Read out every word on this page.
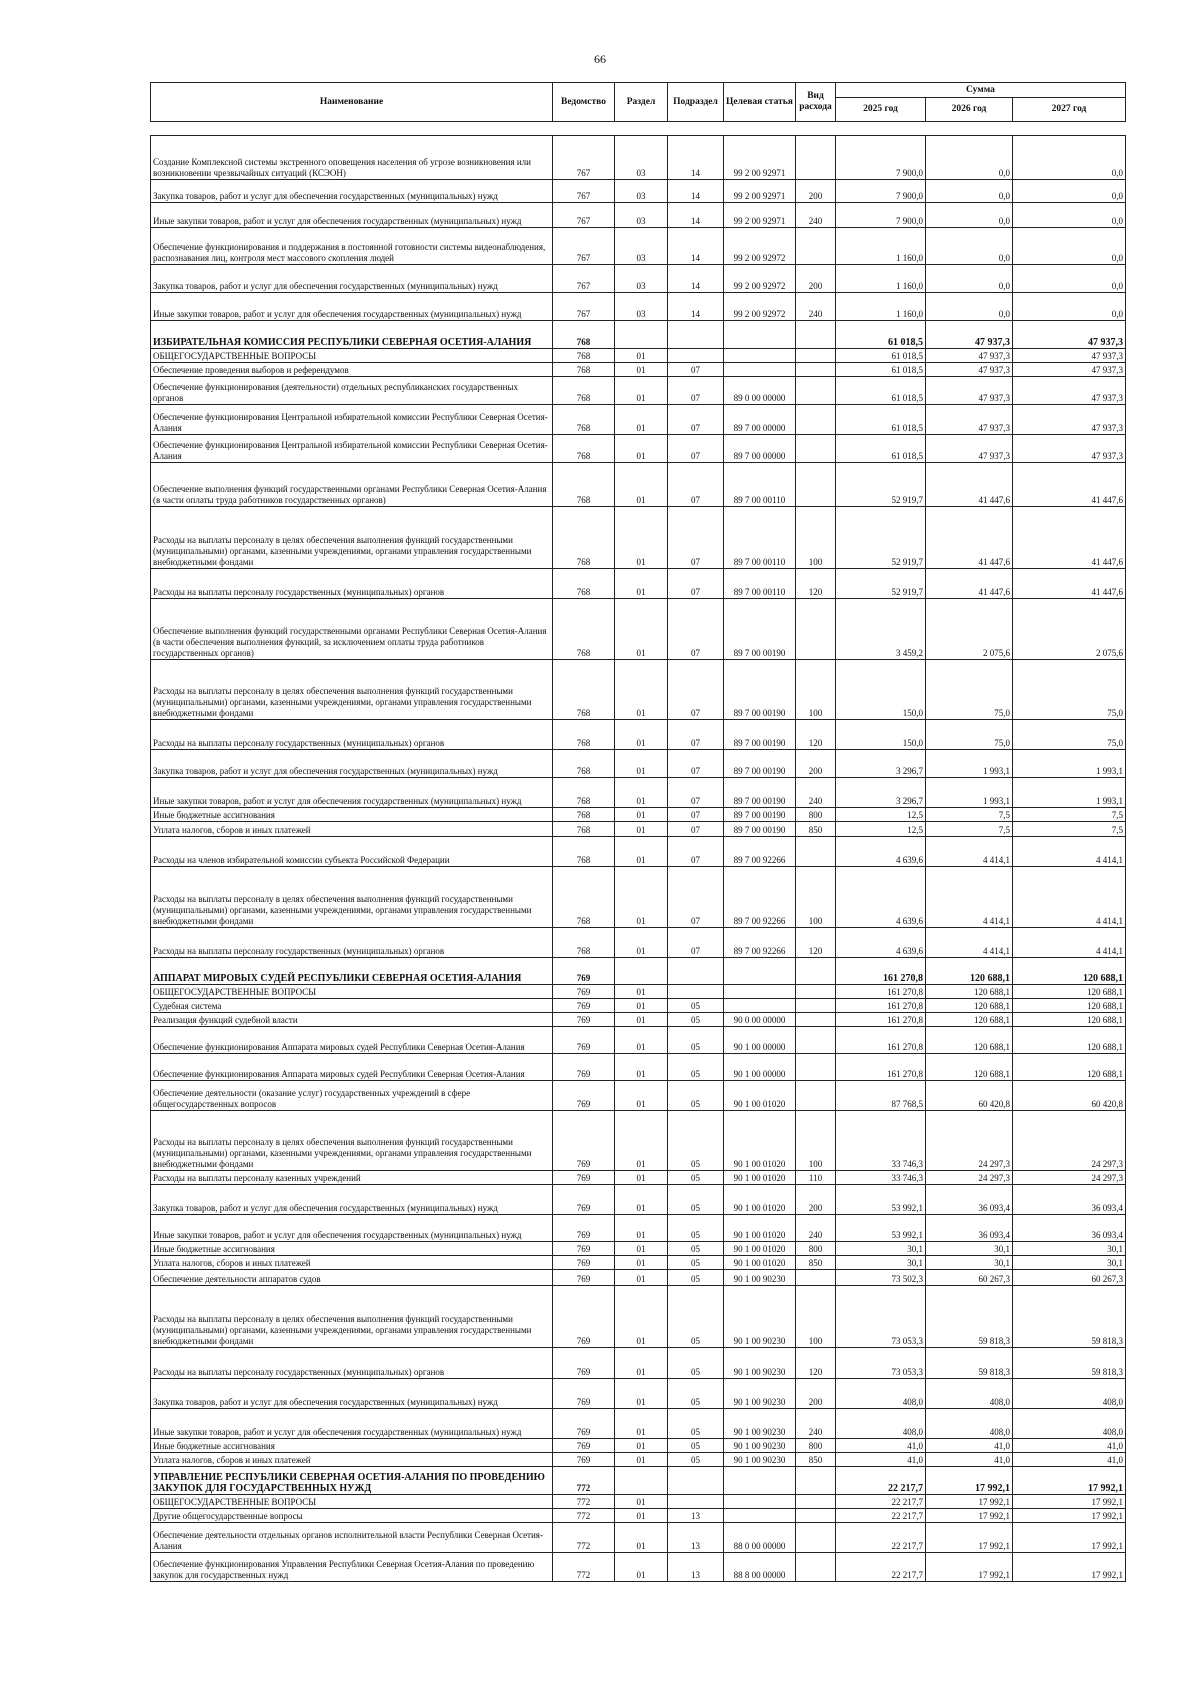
66
Наименование	Ведомство	Раздел	Подраздел	Целевая статья	Вид расхода	Сумма		
						2025 год	2026 год	2027 год

Создание Комплексной системы экстренного оповещения населения об угрозе возникновения или возникновении чрезвычайных ситуаций (КСЭОН)	767	03	14	99 2 00 92971		7 900,0	0,0	0,0
Закупка товаров, работ и услуг для обеспечения государственных (муниципальных) нужд	767	03	14	99 2 00 92971	200	7 900,0	0,0	0,0
Иные закупки товаров, работ и услуг для обеспечения государственных (муниципальных) нужд	767	03	14	99 2 00 92971	240	7 900,0	0,0	0,0
Обеспечение функционирования и поддержания в постоянной готовности системы видеонаблюдения, распознавания лиц, контроля мест массового скопления людей	767	03	14	99 2 00 92972		1 160,0	0,0	0,0
Закупка товаров, работ и услуг для обеспечения государственных (муниципальных) нужд	767	03	14	99 2 00 92972	200	1 160,0	0,0	0,0
Иные закупки товаров, работ и услуг для обеспечения государственных (муниципальных) нужд	767	03	14	99 2 00 92972	240	1 160,0	0,0	0,0
ИЗБИРАТЕЛЬНАЯ КОМИССИЯ РЕСПУБЛИКИ СЕВЕРНАЯ ОСЕТИЯ-АЛАНИЯ	768					61 018,5	47 937,3	47 937,3
ОБЩЕГОСУДАРСТВЕННЫЕ ВОПРОСЫ	768	01				61 018,5	47 937,3	47 937,3
Обеспечение проведения выборов и референдумов	768	01	07			61 018,5	47 937,3	47 937,3
Обеспечение функционирования (деятельности) отдельных республиканских государственных органов	768	01	07	89 0 00 00000		61 018,5	47 937,3	47 937,3
Обеспечение функционирования Центральной избирательной комиссии Республики Северная Осетия-Алания	768	01	07	89 7 00 00000		61 018,5	47 937,3	47 937,3
Обеспечение функционирования Центральной избирательной комиссии Республики Северная Осетия-Алания	768	01	07	89 7 00 00000		61 018,5	47 937,3	47 937,3
Обеспечение выполнения функций государственными органами Республики Северная Осетия-Алания (в части оплаты труда работников государственных органов)	768	01	07	89 7 00 00110		52 919,7	41 447,6	41 447,6
Расходы на выплаты персоналу в целях обеспечения выполнения функций государственными (муниципальными) органами, казенными учреждениями, органами управления государственными внебюджетными фондами	768	01	07	89 7 00 00110	100	52 919,7	41 447,6	41 447,6
Расходы на выплаты персоналу государственных (муниципальных) органов	768	01	07	89 7 00 00110	120	52 919,7	41 447,6	41 447,6
Обеспечение выполнения функций государственными органами Республики Северная Осетия-Алания (в части обеспечения выполнения функций, за исключением оплаты труда работников государственных органов)	768	01	07	89 7 00 00190		3 459,2	2 075,6	2 075,6
Расходы на выплаты персоналу в целях обеспечения выполнения функций государственными (муниципальными) органами, казенными учреждениями, органами управления государственными внебюджетными фондами	768	01	07	89 7 00 00190	100	150,0	75,0	75,0
Расходы на выплаты персоналу государственных (муниципальных) органов	768	01	07	89 7 00 00190	120	150,0	75,0	75,0
Закупка товаров, работ и услуг для обеспечения государственных (муниципальных) нужд	768	01	07	89 7 00 00190	200	3 296,7	1 993,1	1 993,1
Иные закупки товаров, работ и услуг для обеспечения государственных (муниципальных) нужд	768	01	07	89 7 00 00190	240	3 296,7	1 993,1	1 993,1
Иные бюджетные ассигнования	768	01	07	89 7 00 00190	800	12,5	7,5	7,5
Уплата налогов, сборов и иных платежей	768	01	07	89 7 00 00190	850	12,5	7,5	7,5
Расходы на членов избирательной комиссии субъекта Российской Федерации	768	01	07	89 7 00 92266		4 639,6	4 414,1	4 414,1
Расходы на выплаты персоналу в целях обеспечения выполнения функций государственными (муниципальными) органами, казенными учреждениями, органами управления государственными внебюджетными фондами	768	01	07	89 7 00 92266	100	4 639,6	4 414,1	4 414,1
Расходы на выплаты персоналу государственных (муниципальных) органов	768	01	07	89 7 00 92266	120	4 639,6	4 414,1	4 414,1
АППАРАТ МИРОВЫХ СУДЕЙ РЕСПУБЛИКИ СЕВЕРНАЯ ОСЕТИЯ-АЛАНИЯ	769					161 270,8	120 688,1	120 688,1
ОБЩЕГОСУДАРСТВЕННЫЕ ВОПРОСЫ	769	01				161 270,8	120 688,1	120 688,1
Судебная система	769	01	05			161 270,8	120 688,1	120 688,1
Реализация функций судебной власти	769	01	05	90 0 00 00000		161 270,8	120 688,1	120 688,1
Обеспечение функционирования Аппарата мировых судей Республики Северная Осетия-Алания	769	01	05	90 1 00 00000		161 270,8	120 688,1	120 688,1
Обеспечение функционирования Аппарата мировых судей Республики Северная Осетия-Алания	769	01	05	90 1 00 00000		161 270,8	120 688,1	120 688,1
Обеспечение деятельности (оказание услуг) государственных учреждений в сфере общегосударственных вопросов	769	01	05	90 1 00 01020		87 768,5	60 420,8	60 420,8
Расходы на выплаты персоналу в целях обеспечения выполнения функций государственными (муниципальными) органами, казенными учреждениями, органами управления государственными внебюджетными фондами	769	01	05	90 1 00 01020	100	33 746,3	24 297,3	24 297,3
Расходы на выплаты персоналу казенных учреждений	769	01	05	90 1 00 01020	110	33 746,3	24 297,3	24 297,3
Закупка товаров, работ и услуг для обеспечения государственных (муниципальных) нужд	769	01	05	90 1 00 01020	200	53 992,1	36 093,4	36 093,4
Иные закупки товаров, работ и услуг для обеспечения государственных (муниципальных) нужд	769	01	05	90 1 00 01020	240	53 992,1	36 093,4	36 093,4
Иные бюджетные ассигнования	769	01	05	90 1 00 01020	800	30,1	30,1	30,1
Уплата налогов, сборов и иных платежей	769	01	05	90 1 00 01020	850	30,1	30,1	30,1
Обеспечение деятельности аппаратов судов	769	01	05	90 1 00 90230		73 502,3	60 267,3	60 267,3
Расходы на выплаты персоналу в целях обеспечения выполнения функций государственными (муниципальными) органами, казенными учреждениями, органами управления государственными внебюджетными фондами	769	01	05	90 1 00 90230	100	73 053,3	59 818,3	59 818,3
Расходы на выплаты персоналу государственных (муниципальных) органов	769	01	05	90 1 00 90230	120	73 053,3	59 818,3	59 818,3
Закупка товаров, работ и услуг для обеспечения государственных (муниципальных) нужд	769	01	05	90 1 00 90230	200	408,0	408,0	408,0
Иные закупки товаров, работ и услуг для обеспечения государственных (муниципальных) нужд	769	01	05	90 1 00 90230	240	408,0	408,0	408,0
Иные бюджетные ассигнования	769	01	05	90 1 00 90230	800	41,0	41,0	41,0
Уплата налогов, сборов и иных платежей	769	01	05	90 1 00 90230	850	41,0	41,0	41,0
УПРАВЛЕНИЕ РЕСПУБЛИКИ СЕВЕРНАЯ ОСЕТИЯ-АЛАНИЯ ПО ПРОВЕДЕНИЮ ЗАКУПОК ДЛЯ ГОСУДАРСТВЕННЫХ НУЖД	772					22 217,7	17 992,1	17 992,1
ОБЩЕГОСУДАРСТВЕННЫЕ ВОПРОСЫ	772	01				22 217,7	17 992,1	17 992,1
Другие общегосударственные вопросы	772	01	13			22 217,7	17 992,1	17 992,1
Обеспечение деятельности отдельных органов исполнительной власти Республики Северная Осетия-Алания	772	01	13	88 0 00 00000		22 217,7	17 992,1	17 992,1
Обеспечение функционирования Управления Республики Северная Осетия-Алания по проведению закупок для государственных нужд	772	01	13	88 8 00 00000		22 217,7	17 992,1	17 992,1
